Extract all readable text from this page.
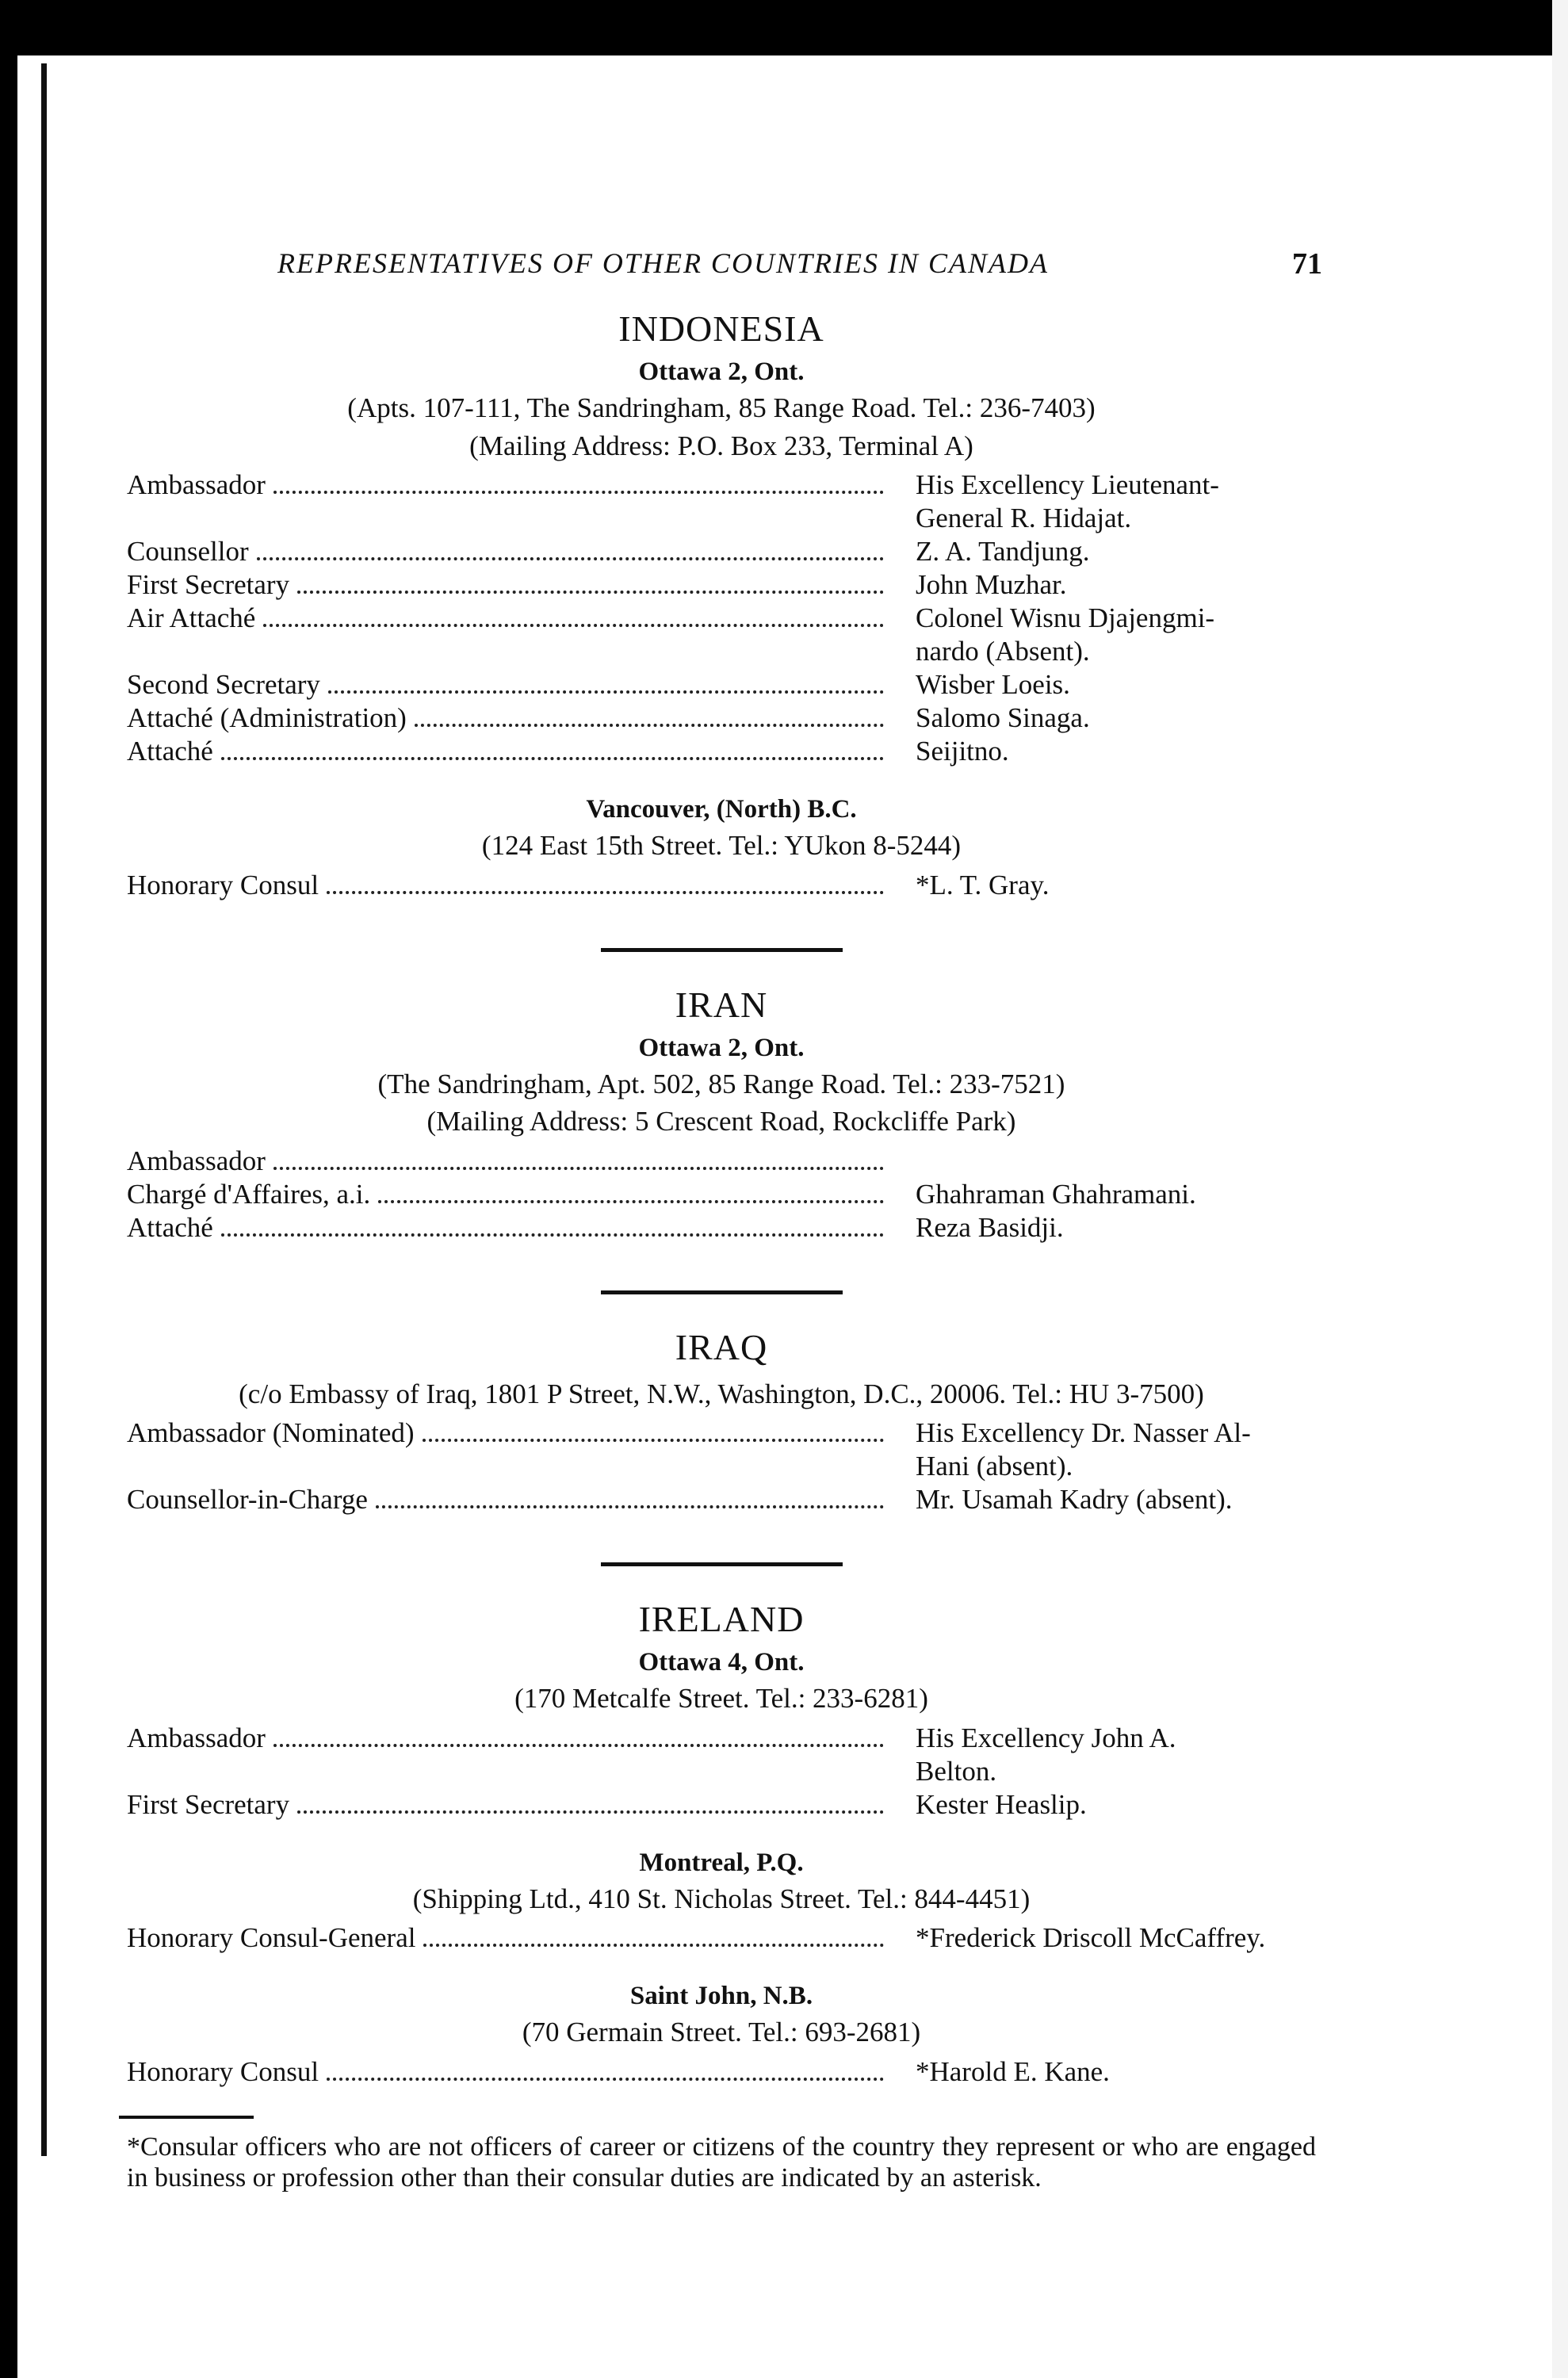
REPRESENTATIVES OF OTHER COUNTRIES IN CANADA	71
INDONESIA
Ottawa 2, Ont.
(Apts. 107-111, The Sandringham, 85 Range Road. Tel.: 236-7403)
(Mailing Address: P.O. Box 233, Terminal A)
Ambassador	His Excellency Lieutenant-
General R. Hidajat.
Counsellor	Z. A. Tandjung.
First Secretary	John Muzhar.
Air Attaché	Colonel Wisnu Djajengmi-
nardo (Absent).
Second Secretary	Wisber Loeis.
Attaché (Administration)	Salomo Sinaga.
Attaché	Seijitno.
Vancouver, (North) B.C.
(124 East 15th Street. Tel.: YUkon 8-5244)
Honorary Consul	*L. T. Gray.
IRAN
Ottawa 2, Ont.
(The Sandringham, Apt. 502, 85 Range Road. Tel.: 233-7521)
(Mailing Address: 5 Crescent Road, Rockcliffe Park)
Ambassador
Chargé d'Affaires, a.i.	Ghahraman Ghahramani.
Attaché	Reza Basidji.
IRAQ
(c/o Embassy of Iraq, 1801 P Street, N.W., Washington, D.C., 20006. Tel.: HU 3-7500)
Ambassador (Nominated)	His Excellency Dr. Nasser Al-
Hani (absent).
Counsellor-in-Charge	Mr. Usamah Kadry (absent).
IRELAND
Ottawa 4, Ont.
(170 Metcalfe Street. Tel.: 233-6281)
Ambassador	His Excellency John A.
Belton.
First Secretary	Kester Heaslip.
Montreal, P.Q.
(Shipping Ltd., 410 St. Nicholas Street. Tel.: 844-4451)
Honorary Consul-General	*Frederick Driscoll McCaffrey.
Saint John, N.B.
(70 Germain Street. Tel.: 693-2681)
Honorary Consul	*Harold E. Kane.
*Consular officers who are not officers of career or citizens of the country they represent or who are engaged in business or profession other than their consular duties are indicated by an asterisk.
